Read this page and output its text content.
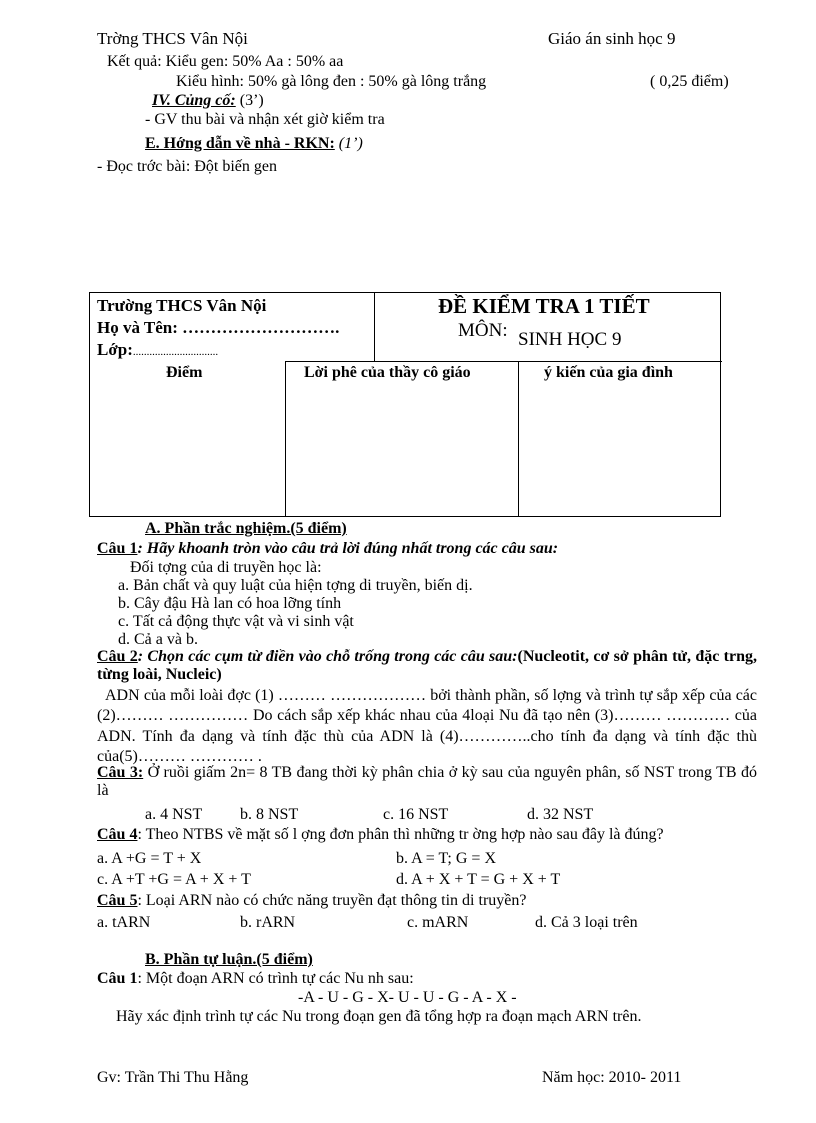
Trờng THCS Vân Nội	Giáo án sinh học 9
Kết quả: Kiểu gen: 50% Aa : 50% aa
Kiểu hình: 50% gà lông đen : 50% gà lông trắng	( 0,25 điểm)
IV. Củng cố: (3’)
- GV thu bài và nhận xét giờ kiểm tra
E. Hớng dẫn về nhà - RKN: (1’)
- Đọc trớc bài: Đột biến gen
Trường THCS Vân Nội
Họ và Tên: ……………………….
Lớp:...............................
ĐỀ KIỂM TRA 1 TIẾT
MÔN: SINH HỌC 9
Điểm	Lời phê của thầy cô giáo	ý kiến của gia đình
A. Phần trắc nghiệm.(5 điểm)
Câu 1: Hãy khoanh tròn vào câu trả lời đúng nhất trong các câu sau:
Đối tợng của di truyền học là:
a. Bản chất và quy luật của hiện tợng di truyền, biến dị.
b. Cây đậu Hà lan có hoa lỡng tính
c. Tất cả động thực vật và vi sinh vật
d. Cả a và b.
Câu 2: Chọn các cụm từ điền vào chỗ trống trong các câu sau:(Nucleotit, cơ sở phân tử, đặc trng, từng loài, Nucleic)
ADN của mỗi loài đợc (1) ……… ……………… bởi thành phần, số lợng và trình tự sắp xếp của các (2)……… …………… Do cách sắp xếp khác nhau của 4loại Nu đã tạo nên (3)……… ………… của ADN. Tính đa dạng và tính đặc thù của ADN là (4)…………..cho tính đa dạng và tính đặc thù của(5)……… ………… .
Câu 3: Ở ruồi giấm 2n= 8 TB đang thời kỳ phân chia ở kỳ sau của nguyên phân, số NST trong TB đó là
a. 4 NST b. 8 NST	c. 16 NST	d. 32 NST
Câu 4: Theo NTBS về mặt số l ợng đơn phân thì những tr ờng hợp nào sau đây là đúng?
a. A +G = T + X	b. A = T; G = X
c. A +T +G = A + X + T	d. A + X + T = G + X + T
Câu 5: Loại ARN nào có chức năng truyền đạt thông tin di truyền?
a. tARN	b. rARN	c. mARN	d. Cả 3 loại trên
B. Phần tự luận.(5 điểm)
Câu 1: Một đoạn ARN có trình tự các Nu nh sau:
-A - U - G - X- U - U - G - A - X -
Hãy xác định trình tự các Nu trong đoạn gen đã tổng hợp ra đoạn mạch ARN trên.
Gv: Trần Thi Thu Hằng	Năm học: 2010- 2011
